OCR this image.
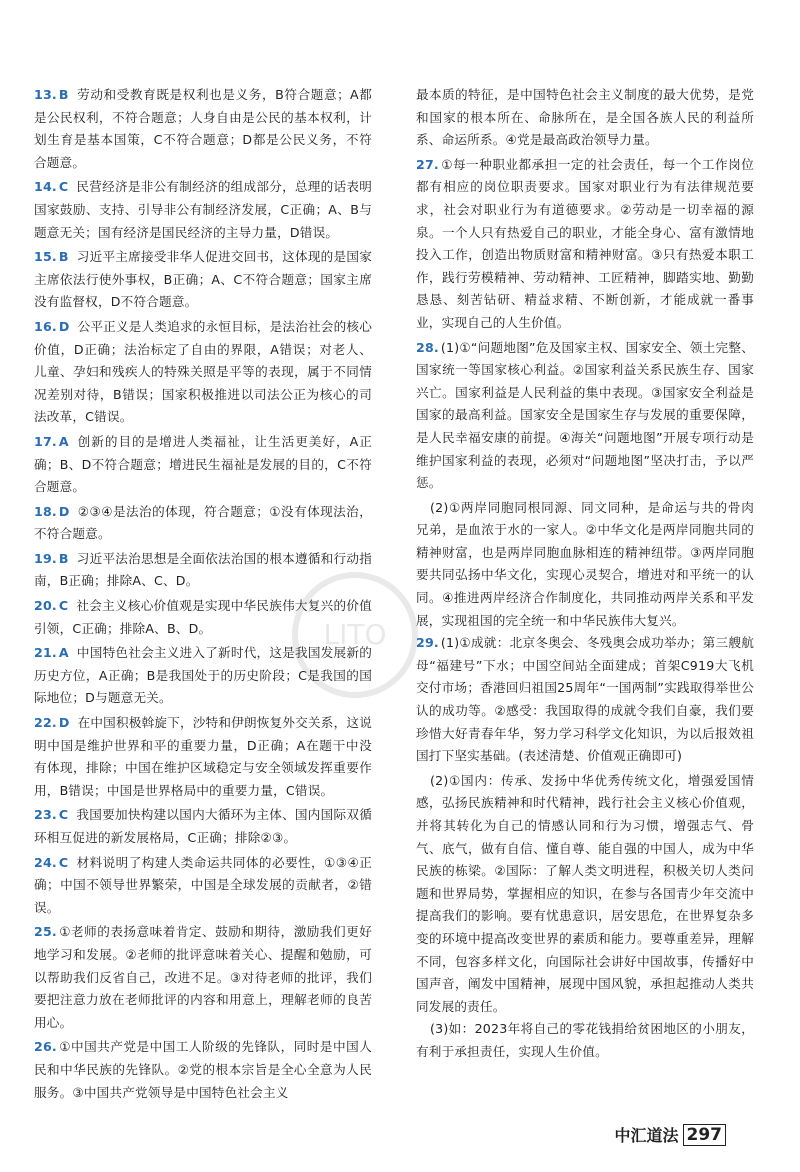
13. B 劳动和受教育既是权利也是义务，B符合题意；A都是公民权利，不符合题意；人身自由是公民的基本权利，计划生育是基本国策，C不符合题意；D都是公民义务，不符合题意。

14. C 民营经济是非公有制经济的组成部分，总理的话表明国家鼓励、支持、引导非公有制经济发展，C正确；A、B与题意无关；国有经济是国民经济的主导力量，D错误。

15. B 习近平主席接受非华人促进交回书，这体现的是国家主席依法行使外事权，B正确；A、C不符合题意；国家主席没有监督权，D不符合题意。

16. D 公平正义是人类追求的永恒目标，是法治社会的核心价值，D正确；法治标定了自由的界限，A错误；对老人、儿童、孕妇和残疾人的特殊关照是平等的表现，属于不同情况差别对待，B错误；国家积极推进以司法公正为核心的司法改革，C错误。

17. A 创新的目的是增进人类福祉，让生活更美好，A正确；B、D不符合题意；增进民生福祉是发展的目的，C不符合题意。

18. D ②③④是法治的体现，符合题意；①没有体现法治，不符合题意。

19. B 习近平法治思想是全面依法治国的根本遵循和行动指南，B正确；排除A、C、D。

20. C 社会主义核心价值观是实现中华民族伟大复兴的价值引领，C正确；排除A、B、D。

21. A 中国特色社会主义进入了新时代，这是我国发展新的历史方位，A正确；B是我国处于的历史阶段；C是我国的国际地位；D与题意无关。

22. D 在中国积极斡旋下，沙特和伊朗恢复外交关系，这说明中国是维护世界和平的重要力量，D正确；A在题干中没有体现，排除；中国在维护区域稳定与安全领域发挥重要作用，B错误；中国是世界格局中的重要力量，C错误。

23. C 我国要加快构建以国内大循环为主体、国内国际双循环相互促进的新发展格局，C正确；排除②③。

24. C 材料说明了构建人类命运共同体的必要性，①③④正确；中国不领导世界繁荣，中国是全球发展的贡献者，②错误。

25. ①老师的表扬意味着肯定、鼓励和期待，激励我们更好地学习和发展。②老师的批评意味着关心、提醒和勉励，可以帮助我们反省自己，改进不足。③对待老师的批评，我们要把注意力放在老师批评的内容和用意上，理解老师的良苦用心。

26. ①中国共产党是中国工人阶级的先锋队，同时是中国人民和中华民族的先锋队。②党的根本宗旨是全心全意为人民服务。③中国共产党领导是中国特色社会主义

最本质的特征，是中国特色社会主义制度的最大优势，是党和国家的根本所在、命脉所在，是全国各族人民的利益所系、命运所系。④党是最高政治领导力量。

27. ①每一种职业都承担一定的社会责任，每一个工作岗位都有相应的岗位职责要求。国家对职业行为有法律规范要求，社会对职业行为有道德要求。②劳动是一切幸福的源泉。一个人只有热爱自己的职业，才能全身心、富有激情地投入工作，创造出物质财富和精神财富。③只有热爱本职工作，践行劳模精神、劳动精神、工匠精神，脚踏实地、勤勤恳恳、刻苦钻研、精益求精、不断创新，才能成就一番事业，实现自己的人生价值。

28. (1)①“问题地图”危及国家主权、国家安全、领土完整、国家统一等国家核心利益。②国家利益关系民族生存、国家兴亡。国家利益是人民利益的集中表现。③国家安全利益是国家的最高利益。国家安全是国家生存与发展的重要保障，是人民幸福安康的前提。④海关“问题地图”开展专项行动是维护国家利益的表现，必须对“问题地图”坚决打击，予以严惩。

(2)①两岸同胞同根同源、同文同种，是命运与共的骨肉兄弟，是血浓于水的一家人。②中华文化是两岸同胞共同的精神财富，也是两岸同胞血脉相连的精神纽带。③两岸同胞要共同弘扬中华文化，实现心灵契合，增进对和平统一的认同。④推进两岸经济合作制度化，共同推动两岸关系和平发展，实现祖国的完全统一和中华民族伟大复兴。

29. (1)①成就：北京冬奥会、冬残奥会成功举办；第三艘航母“福建号”下水；中国空间站全面建成；首架C919大飞机交付市场；香港回归祖国25周年“一国两制”实践取得举世公认的成功等。②感受：我国取得的成就令我们自豪，我们要珍惜大好青春年华，努力学习科学文化知识，为以后报效祖国打下坚实基础。(表述清楚、价值观正确即可)

(2)①国内：传承、发扬中华优秀传统文化，增强爱国情感，弘扬民族精神和时代精神，践行社会主义核心价值观，并将其转化为自己的情感认同和行为习惯，增强志气、骨气、底气，做有自信、懂自尊、能自强的中国人，成为中华民族的栋梁。②国际：了解人类文明进程，积极关切人类问题和世界局势，掌握相应的知识，在参与各国青少年交流中提高我们的影响。要有忧患意识，居安思危，在世界复杂多变的环境中提高改变世界的素质和能力。要尊重差异，理解不同，包容多样文化，向国际社会讲好中国故事，传播好中国声音，阐发中国精神，展现中国风貌，承担起推动人类共同发展的责任。

(3)如：2023年将自己的零花钱捐给贫困地区的小朋友，有利于承担责任，实现人生价值。

LITO
中汇道法 297
